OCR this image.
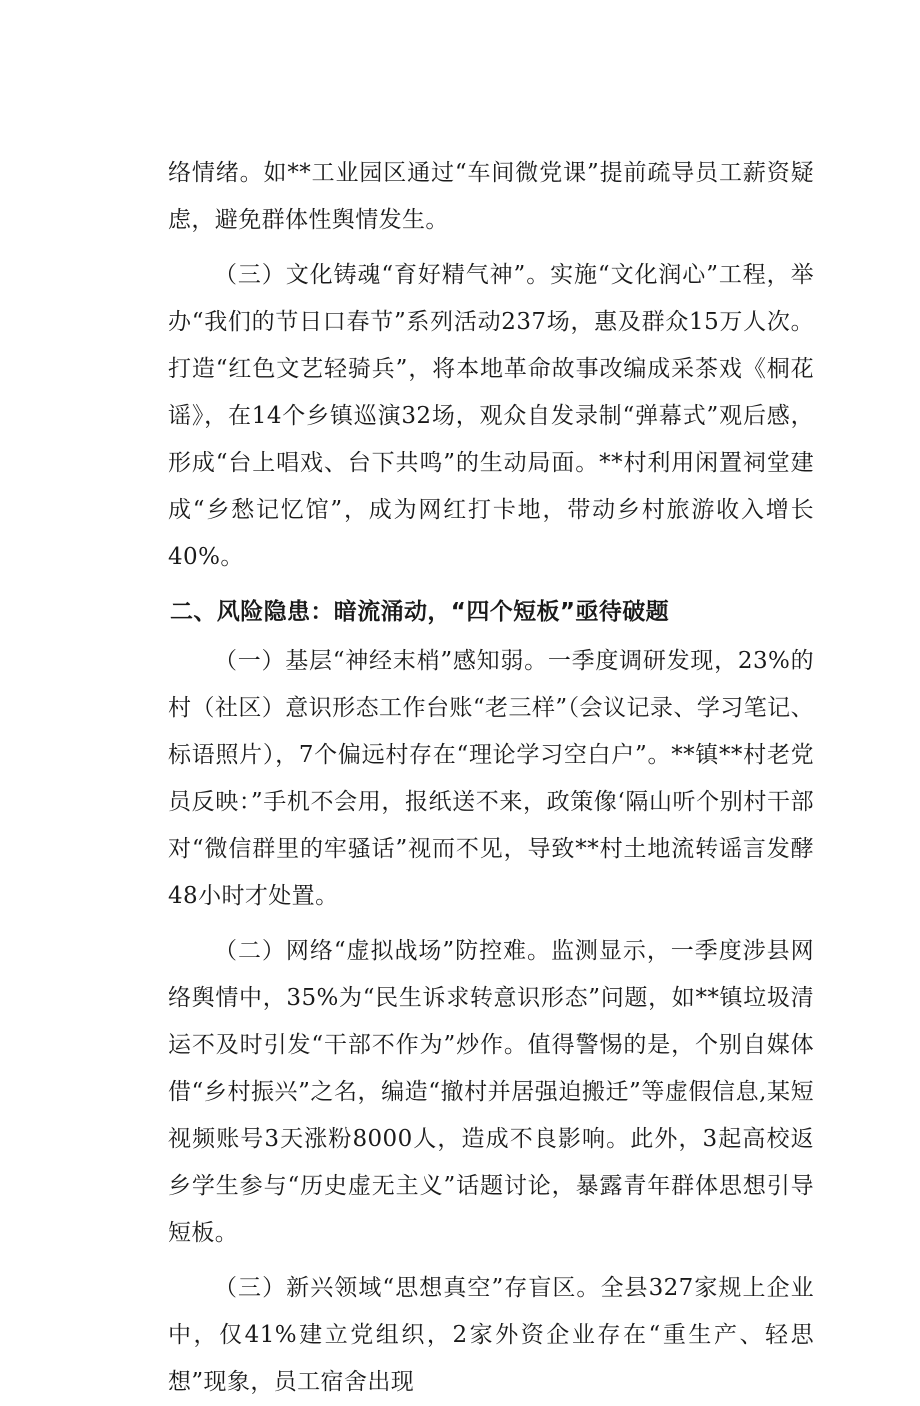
络情绪。如**工业园区通过“车间微党课”提前疏导员工薪资疑虑，避免群体性舆情发生。

（三）文化铸魂“育好精气神”。实施“文化润心”工程，举办“我们的节日口春节”系列活动237场，惠及群众15万人次。打造“红色文艺轻骑兵”，将本地革命故事改编成采茶戏《桐花谣》，在14个乡镇巡演32场，观众自发录制“弹幕式”观后感，形成“台上唱戏、台下共鸣”的生动局面。**村利用闲置祠堂建成“乡愁记忆馆”，成为网红打卡地，带动乡村旅游收入增长40%。

二、风险隐患：暗流涌动，“四个短板”亟待破题

（一）基层“神经末梢”感知弱。一季度调研发现，23%的村（社区）意识形态工作台账“老三样”（会议记录、学习笔记、标语照片），7个偏远村存在“理论学习空白户”。**镇**村老党员反映：”手机不会用，报纸送不来，政策像‘隔山听个别村干部对“微信群里的牢骚话”视而不见，导致**村土地流转谣言发酵48小时才处置。

（二）网络“虚拟战场”防控难。监测显示，一季度涉县网络舆情中，35%为“民生诉求转意识形态”问题，如**镇垃圾清运不及时引发“干部不作为”炒作。值得警惕的是，个别自媒体借“乡村振兴”之名，编造“撤村并居强迫搬迁”等虚假信息,某短视频账号3天涨粉8000人，造成不良影响。此外，3起高校返乡学生参与“历史虚无主义”话题讨论，暴露青年群体思想引导短板。

（三）新兴领域“思想真空”存盲区。全县327家规上企业中，仅41%建立党组织，2家外资企业存在“重生产、轻思想”现象，员工宿舍出现
